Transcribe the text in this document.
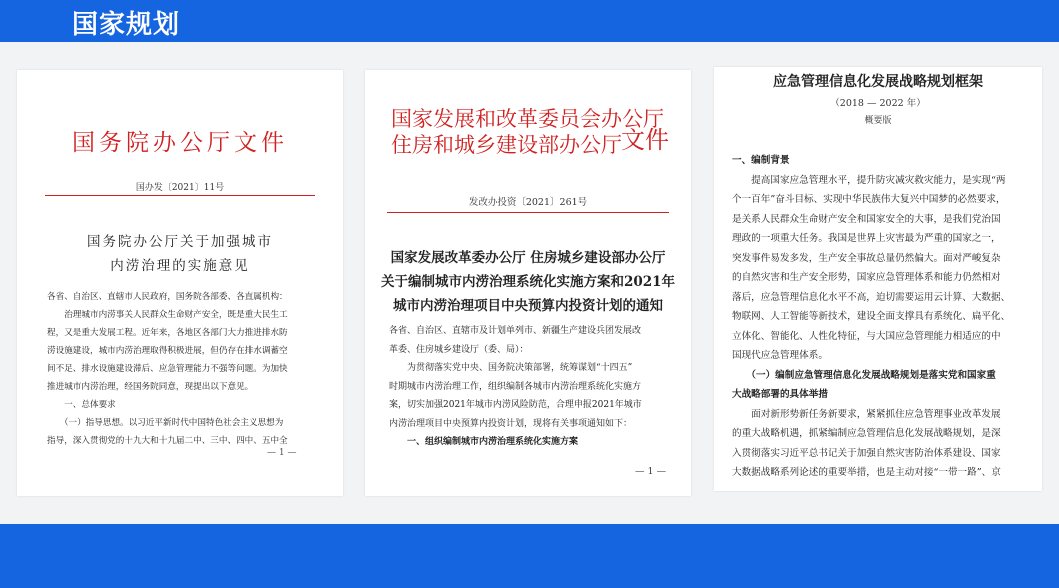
国家规划
国务院办公厅文件
国办发〔2021〕11号
国务院办公厅关于加强城市
内涝治理的实施意见

各省、自治区、直辖市人民政府，国务院各部委、各直属机构：

　　治理城市内涝事关人民群众生命财产安全，既是重大民生工

程，又是重大发展工程。近年来，各地区各部门大力推进排水防

涝设施建设，城市内涝治理取得积极进展，但仍存在排水调蓄空

间不足、排水设施建设滞后、应急管理能力不强等问题。为加快

推进城市内涝治理，经国务院同意，现提出以下意见。

　　一、总体要求

　　（一）指导思想。以习近平新时代中国特色社会主义思想为

指导，深入贯彻党的十九大和十九届二中、三中、四中、五中全

— 1 —
国家发展和改革委员会办公厅
住房和城乡建设部办公厅 文件
发改办投资〔2021〕261号
国家发展改革委办公厅 住房城乡建设部办公厅
关于编制城市内涝治理系统化实施方案和2021年
城市内涝治理项目中央预算内投资计划的通知

各省、自治区、直辖市及计划单列市、新疆生产建设兵团发展改

革委、住房城乡建设厅（委、局）：

　　为贯彻落实党中央、国务院决策部署，统筹谋划“十四五”

时期城市内涝治理工作，组织编制各城市内涝治理系统化实施方

案，切实加强2021年城市内涝风险防范，合理申报2021年城市

内涝治理项目中央预算内投资计划，现将有关事项通知如下：

　　一、组织编制城市内涝治理系统化实施方案

— 1 —
应急管理信息化发展战略规划框架
（2018 — 2022 年）
概要版

一、编制背景

　　提高国家应急管理水平，提升防灾减灾救灾能力，是实现“两

个一百年”奋斗目标、实现中华民族伟大复兴中国梦的必然要求，

是关系人民群众生命财产安全和国家安全的大事，是我们党治国

理政的一项重大任务。我国是世界上灾害最为严重的国家之一，

突发事件易发多发，生产安全事故总量仍然偏大。面对严峻复杂

的自然灾害和生产安全形势，国家应急管理体系和能力仍然相对

落后，应急管理信息化水平不高，迫切需要运用云计算、大数据、

物联网、人工智能等新技术，建设全面支撑具有系统化、扁平化、

立体化、智能化、人性化特征，与大国应急管理能力相适应的中

国现代应急管理体系。

　　（一）编制应急管理信息化发展战略规划是落实党和国家重

大战略部署的具体举措

　　面对新形势新任务新要求，紧紧抓住应急管理事业改革发展

的重大战略机遇，抓紧编制应急管理信息化发展战略规划，是深

入贯彻落实习近平总书记关于加强自然灾害防治体系建设、国家

大数据战略系列论述的重要举措，也是主动对接“一带一路”、京
